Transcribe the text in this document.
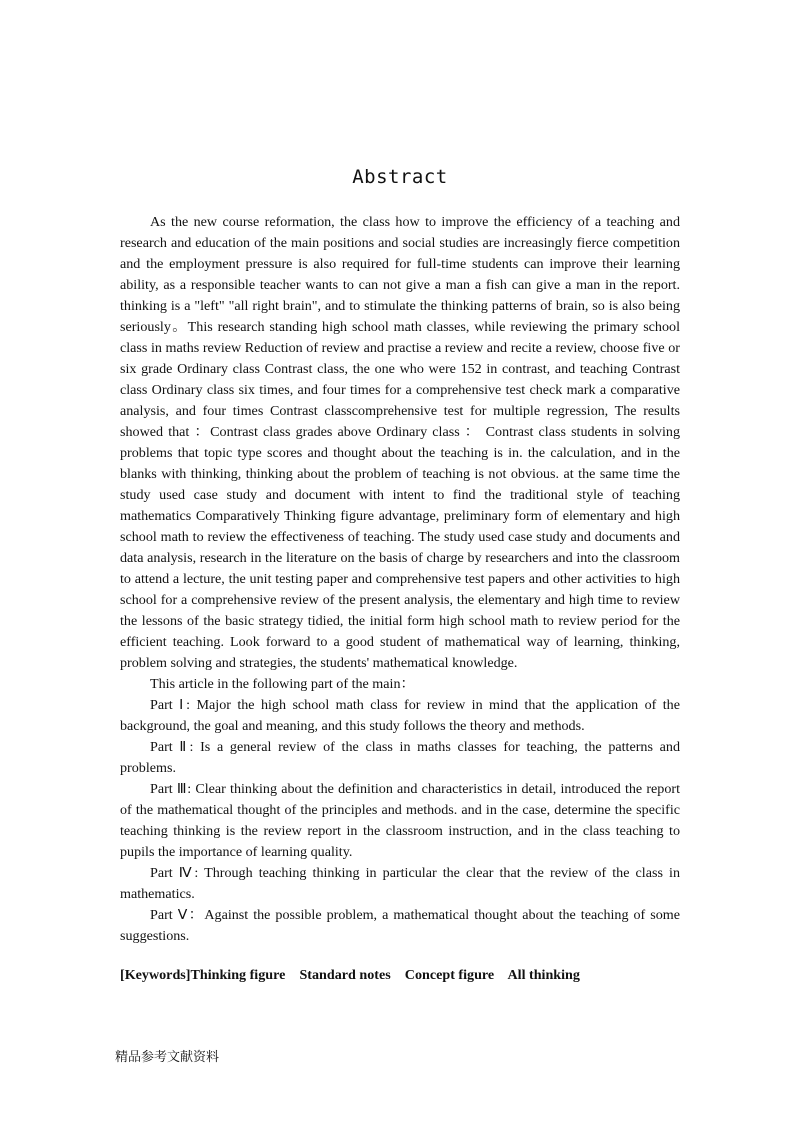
Abstract

As the new course reformation, the class how to improve the efficiency of a teaching and research and education of the main positions and social studies are increasingly fierce competition and the employment pressure is also required for full-time students can improve their learning ability, as a responsible teacher wants to can not give a man a fish can give a man in the report. thinking is a "left" "all right brain", and to stimulate the thinking patterns of brain, so is also being seriously。This research standing high school math classes, while reviewing the primary school class in maths review Reduction of review and practise a review and recite a review, choose five or six grade Ordinary class Contrast class, the one who were 152 in contrast, and teaching Contrast class Ordinary class six times, and four times for a comprehensive test check mark a comparative analysis, and four times Contrast classcomprehensive test for multiple regression, The results showed that ：Contrast class grades above Ordinary class ： Contrast class students in solving problems that topic type scores and thought about the teaching is in. the calculation, and in the blanks with thinking, thinking about the problem of teaching is not obvious. at the same time the study used case study and document with intent to find the traditional style of teaching mathematics Comparatively Thinking figure advantage, preliminary form of elementary and high school math to review the effectiveness of teaching. The study used case study and documents and data analysis, research in the literature on the basis of charge by researchers and into the classroom to attend a lecture, the unit testing paper and comprehensive test papers and other activities to high school for a comprehensive review of the present analysis, the elementary and high time to review the lessons of the basic strategy tidied, the initial form high school math to review period for the efficient teaching. Look forward to a good student of mathematical way of learning, thinking, problem solving and strategies, the students' mathematical knowledge.

This article in the following part of the main：

Part Ⅰ: Major the high school math class for review in mind that the application of the background, the goal and meaning, and this study follows the theory and methods.

Part Ⅱ: Is a general review of the class in maths classes for teaching, the patterns and problems.

Part Ⅲ: Clear thinking about the definition and characteristics in detail, introduced the report of the mathematical thought of the principles and methods. and in the case, determine the specific teaching thinking is the review report in the classroom instruction, and in the class teaching to pupils the importance of learning quality.

Part Ⅳ: Through teaching thinking in particular the clear that the review of the class in mathematics.

Part Ⅴ：Against the possible problem, a mathematical thought about the teaching of some suggestions.

[Keywords]Thinking figure    Standard notes    Concept figure    All thinking
精品参考文献资料
